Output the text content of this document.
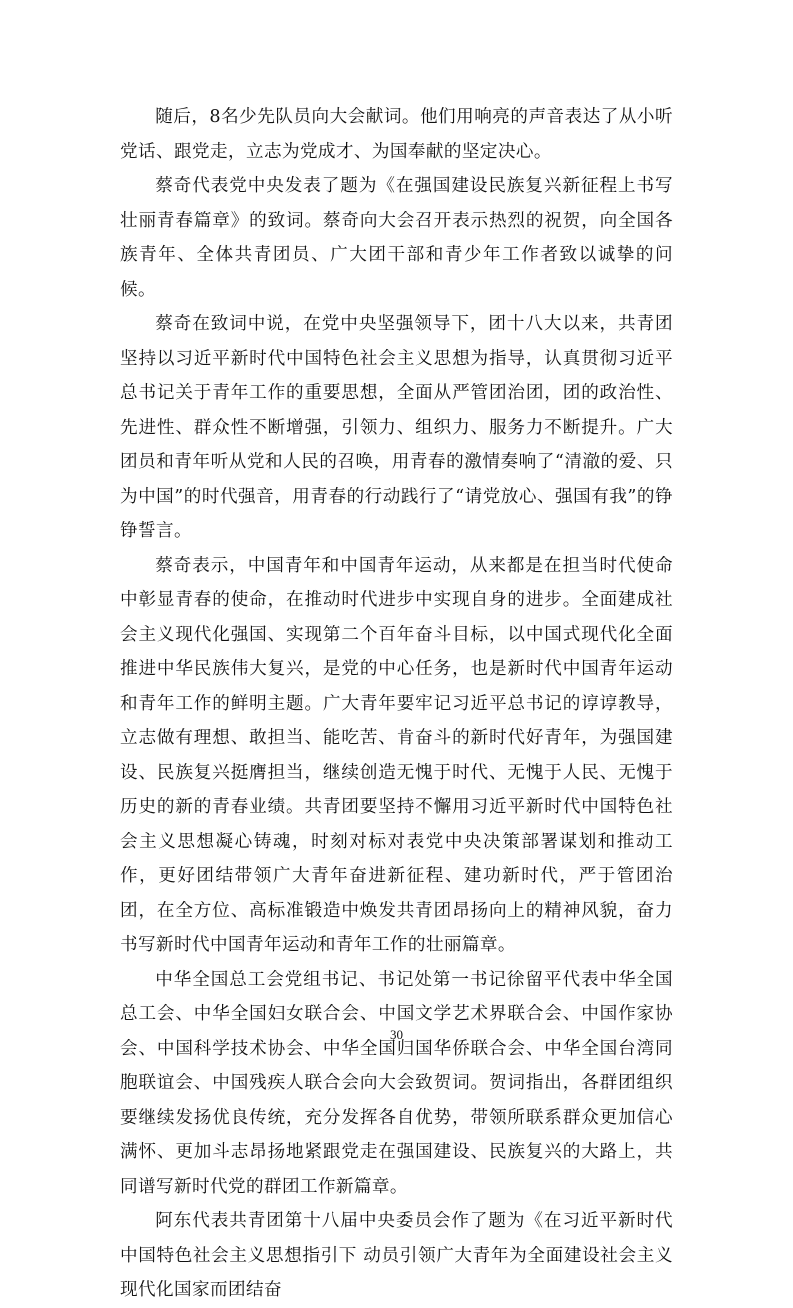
随后，8名少先队员向大会献词。他们用响亮的声音表达了从小听党话、跟党走，立志为党成才、为国奉献的坚定决心。

蔡奇代表党中央发表了题为《在强国建设民族复兴新征程上书写壮丽青春篇章》的致词。蔡奇向大会召开表示热烈的祝贺，向全国各族青年、全体共青团员、广大团干部和青少年工作者致以诚挚的问候。

蔡奇在致词中说，在党中央坚强领导下，团十八大以来，共青团坚持以习近平新时代中国特色社会主义思想为指导，认真贯彻习近平总书记关于青年工作的重要思想，全面从严管团治团，团的政治性、先进性、群众性不断增强，引领力、组织力、服务力不断提升。广大团员和青年听从党和人民的召唤，用青春的激情奏响了“清澈的爱、只为中国”的时代强音，用青春的行动践行了“请党放心、强国有我”的铮铮誓言。

蔡奇表示，中国青年和中国青年运动，从来都是在担当时代使命中彰显青春的使命，在推动时代进步中实现自身的进步。全面建成社会主义现代化强国、实现第二个百年奋斗目标，以中国式现代化全面推进中华民族伟大复兴，是党的中心任务，也是新时代中国青年运动和青年工作的鲜明主题。广大青年要牢记习近平总书记的谆谆教导，立志做有理想、敢担当、能吃苦、肯奋斗的新时代好青年，为强国建设、民族复兴挺膺担当，继续创造无愧于时代、无愧于人民、无愧于历史的新的青春业绩。共青团要坚持不懈用习近平新时代中国特色社会主义思想凝心铸魂，时刻对标对表党中央决策部署谋划和推动工作，更好团结带领广大青年奋进新征程、建功新时代，严于管团治团，在全方位、高标准锻造中焕发共青团昂扬向上的精神风貌，奋力书写新时代中国青年运动和青年工作的壮丽篇章。

中华全国总工会党组书记、书记处第一书记徐留平代表中华全国总工会、中华全国妇女联合会、中国文学艺术界联合会、中国作家协会、中国科学技术协会、中华全国归国华侨联合会、中华全国台湾同胞联谊会、中国残疾人联合会向大会致贺词。贺词指出，各群团组织要继续发扬优良传统，充分发挥各自优势，带领所联系群众更加信心满怀、更加斗志昂扬地紧跟党走在强国建设、民族复兴的大路上，共同谱写新时代党的群团工作新篇章。

阿东代表共青团第十八届中央委员会作了题为《在习近平新时代中国特色社会主义思想指引下 动员引领广大青年为全面建设社会主义现代化国家而团结奋

30
